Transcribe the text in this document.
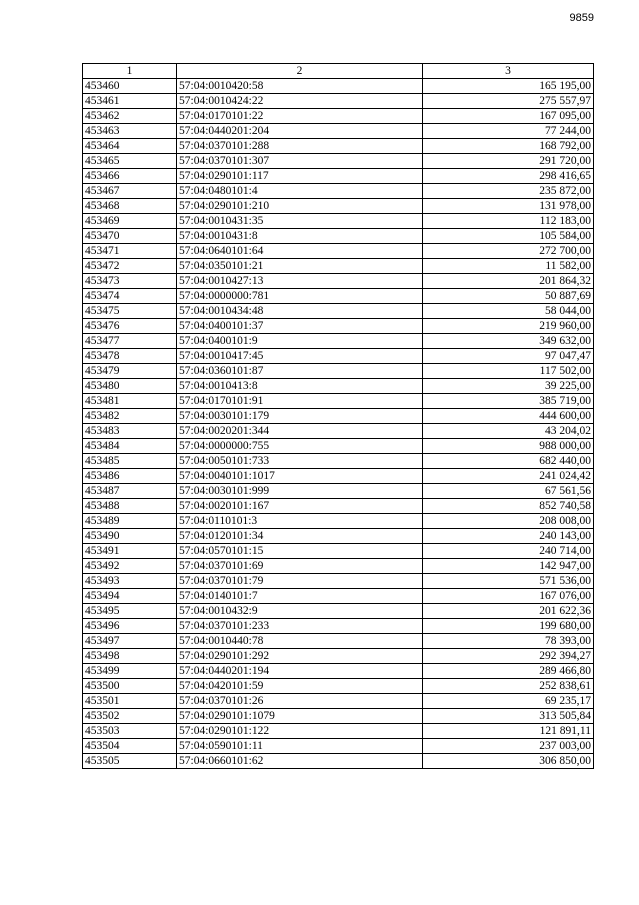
9859
1	2	3
453460	57:04:0010420:58	165 195,00
453461	57:04:0010424:22	275 557,97
453462	57:04:0170101:22	167 095,00
453463	57:04:0440201:204	77 244,00
453464	57:04:0370101:288	168 792,00
453465	57:04:0370101:307	291 720,00
453466	57:04:0290101:117	298 416,65
453467	57:04:0480101:4	235 872,00
453468	57:04:0290101:210	131 978,00
453469	57:04:0010431:35	112 183,00
453470	57:04:0010431:8	105 584,00
453471	57:04:0640101:64	272 700,00
453472	57:04:0350101:21	11 582,00
453473	57:04:0010427:13	201 864,32
453474	57:04:0000000:781	50 887,69
453475	57:04:0010434:48	58 044,00
453476	57:04:0400101:37	219 960,00
453477	57:04:0400101:9	349 632,00
453478	57:04:0010417:45	97 047,47
453479	57:04:0360101:87	117 502,00
453480	57:04:0010413:8	39 225,00
453481	57:04:0170101:91	385 719,00
453482	57:04:0030101:179	444 600,00
453483	57:04:0020201:344	43 204,02
453484	57:04:0000000:755	988 000,00
453485	57:04:0050101:733	682 440,00
453486	57:04:0040101:1017	241 024,42
453487	57:04:0030101:999	67 561,56
453488	57:04:0020101:167	852 740,58
453489	57:04:0110101:3	208 008,00
453490	57:04:0120101:34	240 143,00
453491	57:04:0570101:15	240 714,00
453492	57:04:0370101:69	142 947,00
453493	57:04:0370101:79	571 536,00
453494	57:04:0140101:7	167 076,00
453495	57:04:0010432:9	201 622,36
453496	57:04:0370101:233	199 680,00
453497	57:04:0010440:78	78 393,00
453498	57:04:0290101:292	292 394,27
453499	57:04:0440201:194	289 466,80
453500	57:04:0420101:59	252 838,61
453501	57:04:0370101:26	69 235,17
453502	57:04:0290101:1079	313 505,84
453503	57:04:0290101:122	121 891,11
453504	57:04:0590101:11	237 003,00
453505	57:04:0660101:62	306 850,00
